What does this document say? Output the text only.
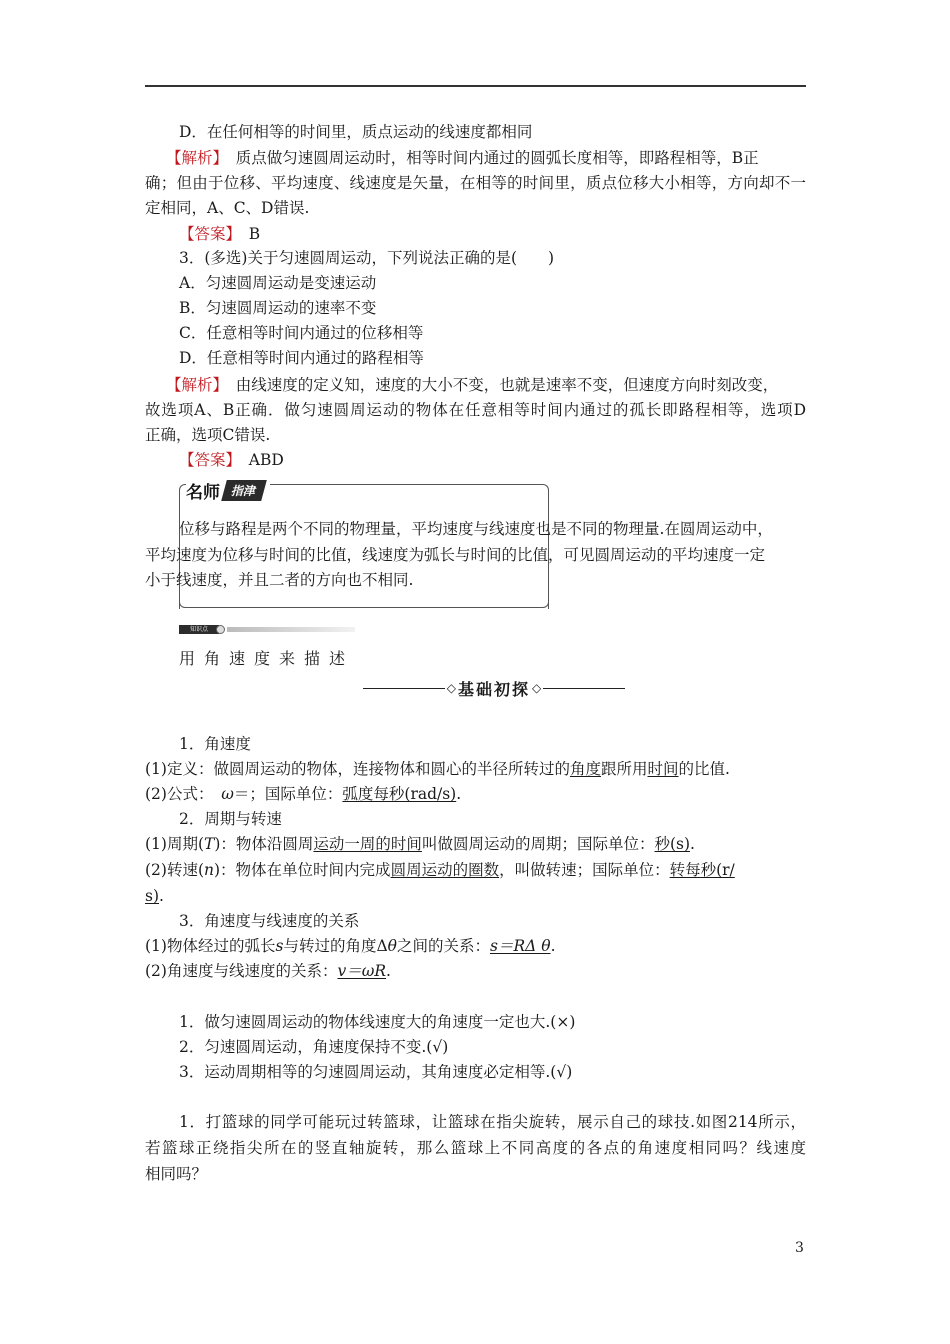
D．在任何相等的时间里，质点运动的线速度都相同
【解析】　 质点做匀速圆周运动时，相等时间内通过的圆弧长度相等，即路程相等，B正
确；但由于位移、平均速度、线速度是矢量，在相等的时间里，质点位移大小相等，方向却不一
定相同，A、C、D错误.
【答案】　 B
3．(多选)关于匀速圆周运动，下列说法正确的是(　　)
A．匀速圆周运动是变速运动
B．匀速圆周运动的速率不变
C．任意相等时间内通过的位移相等
D．任意相等时间内通过的路程相等
【解析】　 由线速度的定义知，速度的大小不变，也就是速率不变，但速度方向时刻改变，
故选项A、B正确．做匀速圆周运动的物体在任意相等时间内通过的孤长即路程相等，选项D
正确，选项C错误.
【答案】　 ABD
名师 指津
位移与路程是两个不同的物理量，平均速度与线速度也是不同的物理量.在圆周运动中，
平均速度为位移与时间的比值，线速度为弧长与时间的比值，可见圆周运动的平均速度一定
小于线速度，并且二者的方向也不相同.
知识点
用角速度来描述
◇ 基础初探 ◇
1．角速度
(1)定义：做圆周运动的物体，连接物体和圆心的半径所转过的角度跟所用时间的比值.
(2)公式：　 ω＝；国际单位：弧度每秒(rad/s).
2．周期与转速
(1)周期(T)：物体沿圆周运动一周的时间叫做圆周运动的周期；国际单位：秒(s).
(2)转速(n)：物体在单位时间内完成圆周运动的圈数，叫做转速；国际单位：转每秒(r/
s).
3．角速度与线速度的关系
(1)物体经过的弧长s与转过的角度Δθ之间的关系：s＝RΔ θ.
(2)角速度与线速度的关系：v＝ωR.
1．做匀速圆周运动的物体线速度大的角速度一定也大.(×)
2．匀速圆周运动，角速度保持不变.(√)
3．运动周期相等的匀速圆周运动，其角速度必定相等.(√)
1．打篮球的同学可能玩过转篮球，让篮球在指尖旋转，展示自己的球技.如图214所示，
若篮球正绕指尖所在的竖直轴旋转，那么篮球上不同高度的各点的角速度相同吗？线速度
相同吗？
3
